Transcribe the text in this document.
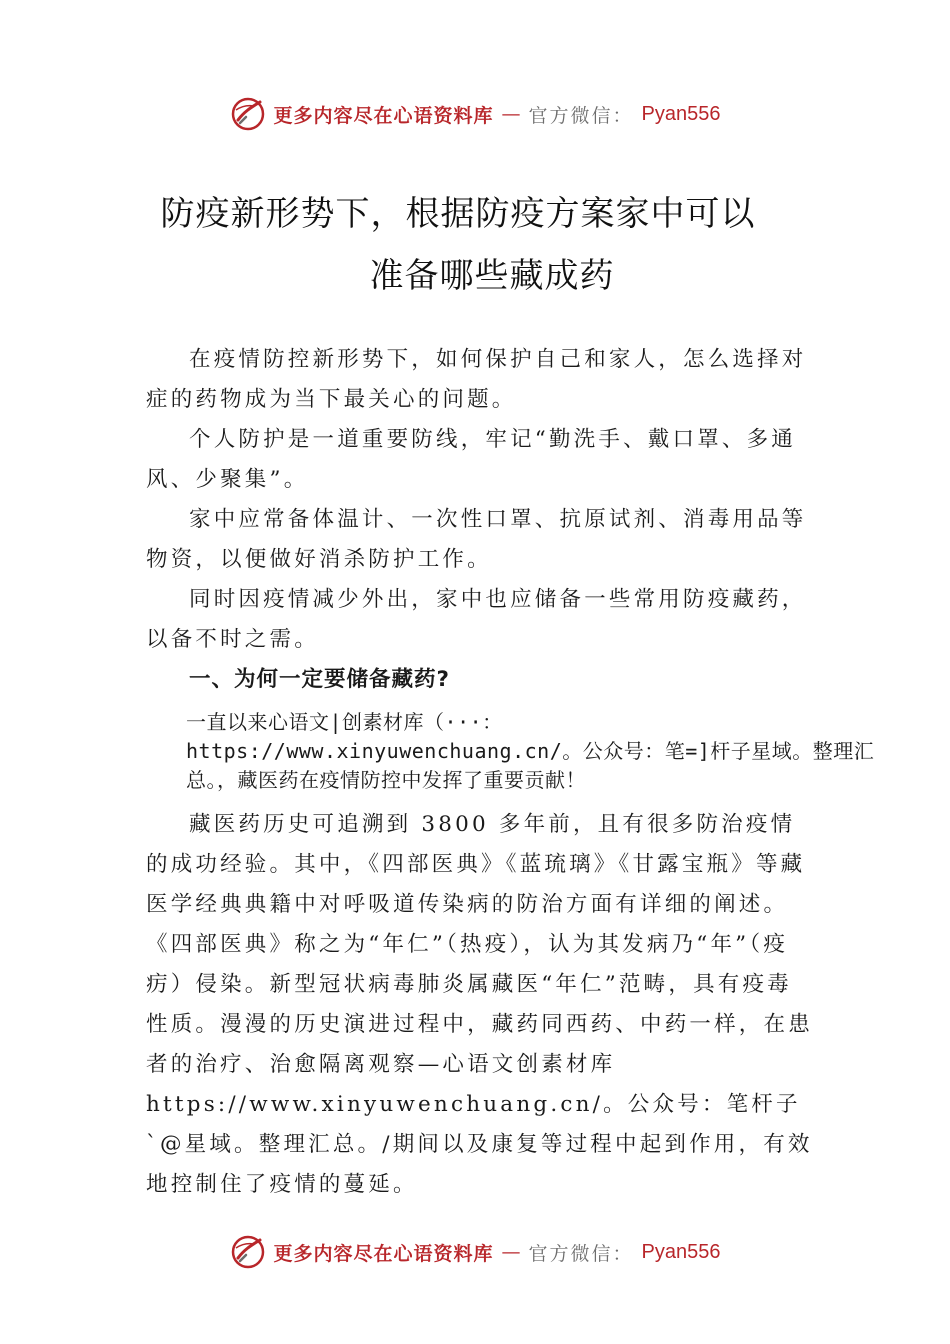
更多内容尽在心语资料库 — 官方微信： Pyan556
防疫新形势下，根据防疫方案家中可以
准备哪些藏成药

在疫情防控新形势下，如何保护自己和家人，怎么选择对症的药物成为当下最关心的问题。

个人防护是一道重要防线，牢记“勤洗手、戴口罩、多通风、少聚集”。

家中应常备体温计、一次性口罩、抗原试剂、消毒用品等物资，以便做好消杀防护工作。

同时因疫情减少外出，家中也应储备一些常用防疫藏药，以备不时之需。

一、为何一定要储备藏药?

一直以来心语文|创素材库（···：https://www.xinyuwenchuang.cn/。公众号：笔=]杆子星域。整理汇总。，藏医药在疫情防控中发挥了重要贡献！

藏医药历史可追溯到 3800 多年前，且有很多防治疫情的成功经验。其中，《四部医典》《蓝琉璃》《甘露宝瓶》等藏医学经典典籍中对呼吸道传染病的防治方面有详细的阐述。《四部医典》称之为“年仁”（热疫），认为其发病乃“年”（疫疠）侵染。新型冠状病毒肺炎属藏医“年仁”范畴，具有疫毒性质。漫漫的历史演进过程中，藏药同西药、中药一样，在患者的治疗、治愈隔离观察—心语文创素材库https://www.xinyuwenchuang.cn/。公众号：笔杆子`@星域。整理汇总。/期间以及康复等过程中起到作用，有效地控制住了疫情的蔓延。

更多内容尽在心语资料库 — 官方微信： Pyan556
